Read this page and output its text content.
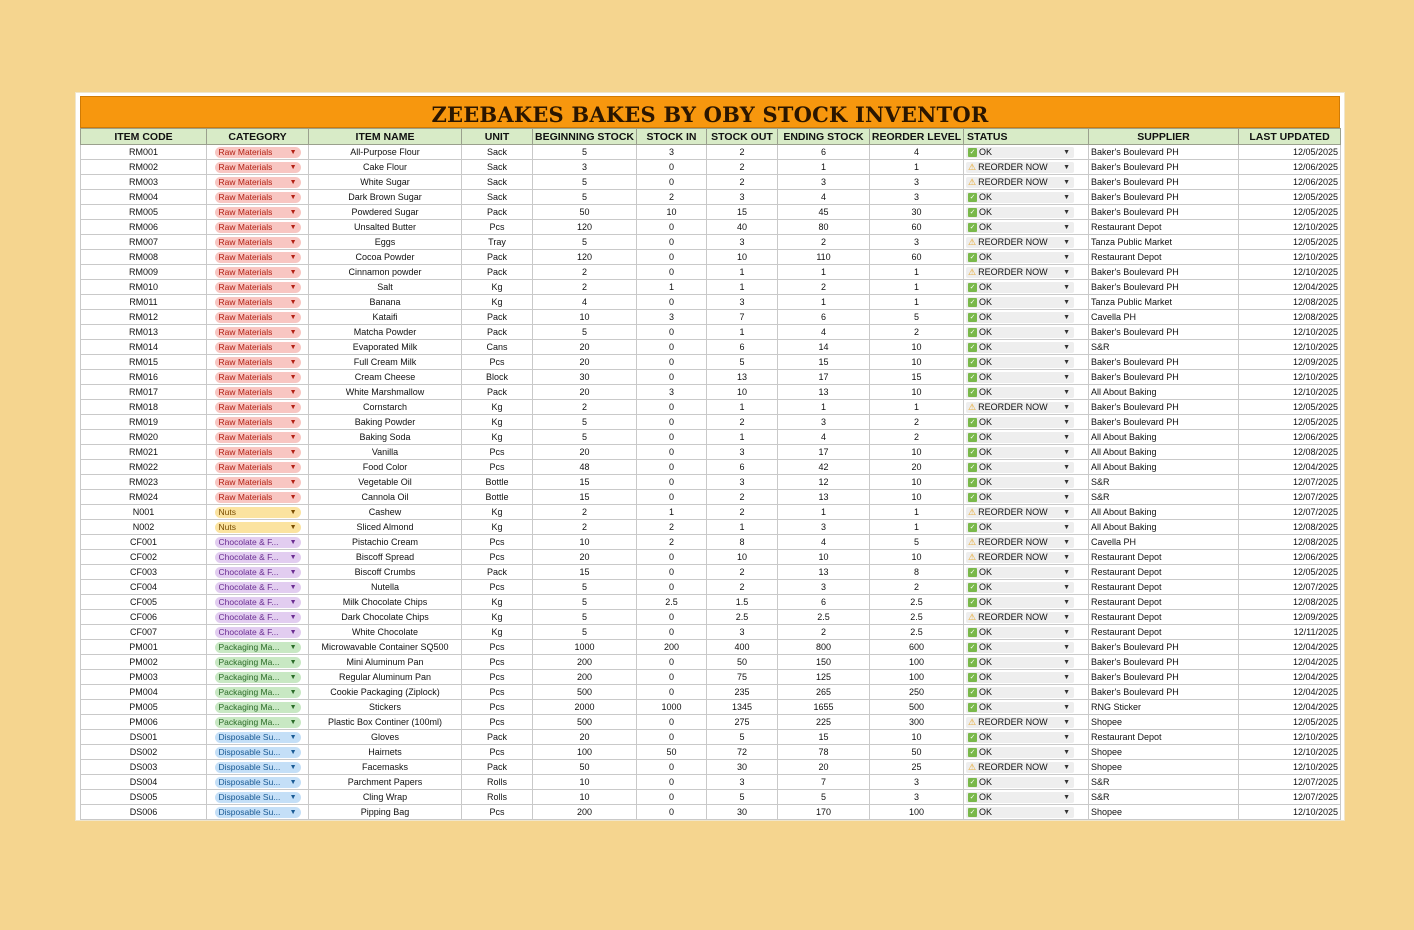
ZEEBAKES BAKES BY OBY STOCK INVENTOR
ITEM CODE	CATEGORY	ITEM NAME	UNIT	BEGINNING STOCK	STOCK IN	STOCK OUT	ENDING STOCK	REORDER LEVEL	STATUS	SUPPLIER	LAST UPDATED
RM001	Raw Materials ▼	All-Purpose Flour	Sack	5	3	2	6	4	✓ OK ▼	Baker's Boulevard PH	12/05/2025
RM002	Raw Materials ▼	Cake Flour	Sack	3	0	2	1	1	⚠ REORDER NOW ▼	Baker's Boulevard PH	12/06/2025
RM003	Raw Materials ▼	White Sugar	Sack	5	0	2	3	3	⚠ REORDER NOW ▼	Baker's Boulevard PH	12/06/2025
RM004	Raw Materials ▼	Dark Brown Sugar	Sack	5	2	3	4	3	✓ OK ▼	Baker's Boulevard PH	12/05/2025
RM005	Raw Materials ▼	Powdered Sugar	Pack	50	10	15	45	30	✓ OK ▼	Baker's Boulevard PH	12/05/2025
RM006	Raw Materials ▼	Unsalted Butter	Pcs	120	0	40	80	60	✓ OK ▼	Restaurant Depot	12/10/2025
RM007	Raw Materials ▼	Eggs	Tray	5	0	3	2	3	⚠ REORDER NOW ▼	Tanza Public Market	12/05/2025
RM008	Raw Materials ▼	Cocoa Powder	Pack	120	0	10	110	60	✓ OK ▼	Restaurant Depot	12/10/2025
RM009	Raw Materials ▼	Cinnamon powder	Pack	2	0	1	1	1	⚠ REORDER NOW ▼	Baker's Boulevard PH	12/10/2025
RM010	Raw Materials ▼	Salt	Kg	2	1	1	2	1	✓ OK ▼	Baker's Boulevard PH	12/04/2025
RM011	Raw Materials ▼	Banana	Kg	4	0	3	1	1	✓ OK ▼	Tanza Public Market	12/08/2025
RM012	Raw Materials ▼	Kataifi	Pack	10	3	7	6	5	✓ OK ▼	Cavella PH	12/08/2025
RM013	Raw Materials ▼	Matcha Powder	Pack	5	0	1	4	2	✓ OK ▼	Baker's Boulevard PH	12/10/2025
RM014	Raw Materials ▼	Evaporated Milk	Cans	20	0	6	14	10	✓ OK ▼	S&R	12/10/2025
RM015	Raw Materials ▼	Full Cream Milk	Pcs	20	0	5	15	10	✓ OK ▼	Baker's Boulevard PH	12/09/2025
RM016	Raw Materials ▼	Cream Cheese	Block	30	0	13	17	15	✓ OK ▼	Baker's Boulevard PH	12/10/2025
RM017	Raw Materials ▼	White Marshmallow	Pack	20	3	10	13	10	✓ OK ▼	All About Baking	12/10/2025
RM018	Raw Materials ▼	Cornstarch	Kg	2	0	1	1	1	⚠ REORDER NOW ▼	Baker's Boulevard PH	12/05/2025
RM019	Raw Materials ▼	Baking Powder	Kg	5	0	2	3	2	✓ OK ▼	Baker's Boulevard PH	12/05/2025
RM020	Raw Materials ▼	Baking Soda	Kg	5	0	1	4	2	✓ OK ▼	All About Baking	12/06/2025
RM021	Raw Materials ▼	Vanilla	Pcs	20	0	3	17	10	✓ OK ▼	All About Baking	12/08/2025
RM022	Raw Materials ▼	Food Color	Pcs	48	0	6	42	20	✓ OK ▼	All About Baking	12/04/2025
RM023	Raw Materials ▼	Vegetable Oil	Bottle	15	0	3	12	10	✓ OK ▼	S&R	12/07/2025
RM024	Raw Materials ▼	Cannola Oil	Bottle	15	0	2	13	10	✓ OK ▼	S&R	12/07/2025
N001	Nuts ▼	Cashew	Kg	2	1	2	1	1	⚠ REORDER NOW ▼	All About Baking	12/07/2025
N002	Nuts ▼	Sliced Almond	Kg	2	2	1	3	1	✓ OK ▼	All About Baking	12/08/2025
CF001	Chocolate & F... ▼	Pistachio Cream	Pcs	10	2	8	4	5	⚠ REORDER NOW ▼	Cavella PH	12/08/2025
CF002	Chocolate & F... ▼	Biscoff Spread	Pcs	20	0	10	10	10	⚠ REORDER NOW ▼	Restaurant Depot	12/06/2025
CF003	Chocolate & F... ▼	Biscoff Crumbs	Pack	15	0	2	13	8	✓ OK ▼	Restaurant Depot	12/05/2025
CF004	Chocolate & F... ▼	Nutella	Pcs	5	0	2	3	2	✓ OK ▼	Restaurant Depot	12/07/2025
CF005	Chocolate & F... ▼	Milk Chocolate Chips	Kg	5	2.5	1.5	6	2.5	✓ OK ▼	Restaurant Depot	12/08/2025
CF006	Chocolate & F... ▼	Dark Chocolate Chips	Kg	5	0	2.5	2.5	2.5	⚠ REORDER NOW ▼	Restaurant Depot	12/09/2025
CF007	Chocolate & F... ▼	White Chocolate	Kg	5	0	3	2	2.5	✓ OK ▼	Restaurant Depot	12/11/2025
PM001	Packaging Ma... ▼	Microwavable Container SQ500	Pcs	1000	200	400	800	600	✓ OK ▼	Baker's Boulevard PH	12/04/2025
PM002	Packaging Ma... ▼	Mini Aluminum Pan	Pcs	200	0	50	150	100	✓ OK ▼	Baker's Boulevard PH	12/04/2025
PM003	Packaging Ma... ▼	Regular Aluminum Pan	Pcs	200	0	75	125	100	✓ OK ▼	Baker's Boulevard PH	12/04/2025
PM004	Packaging Ma... ▼	Cookie Packaging (Ziplock)	Pcs	500	0	235	265	250	✓ OK ▼	Baker's Boulevard PH	12/04/2025
PM005	Packaging Ma... ▼	Stickers	Pcs	2000	1000	1345	1655	500	✓ OK ▼	RNG Sticker	12/04/2025
PM006	Packaging Ma... ▼	Plastic Box Continer (100ml)	Pcs	500	0	275	225	300	⚠ REORDER NOW ▼	Shopee	12/05/2025
DS001	Disposable Su... ▼	Gloves	Pack	20	0	5	15	10	✓ OK ▼	Restaurant Depot	12/10/2025
DS002	Disposable Su... ▼	Hairnets	Pcs	100	50	72	78	50	✓ OK ▼	Shopee	12/10/2025
DS003	Disposable Su... ▼	Facemasks	Pack	50	0	30	20	25	⚠ REORDER NOW ▼	Shopee	12/10/2025
DS004	Disposable Su... ▼	Parchment Papers	Rolls	10	0	3	7	3	✓ OK ▼	S&R	12/07/2025
DS005	Disposable Su... ▼	Cling Wrap	Rolls	10	0	5	5	3	✓ OK ▼	S&R	12/07/2025
DS006	Disposable Su... ▼	Pipping Bag	Pcs	200	0	30	170	100	✓ OK ▼	Shopee	12/10/2025
